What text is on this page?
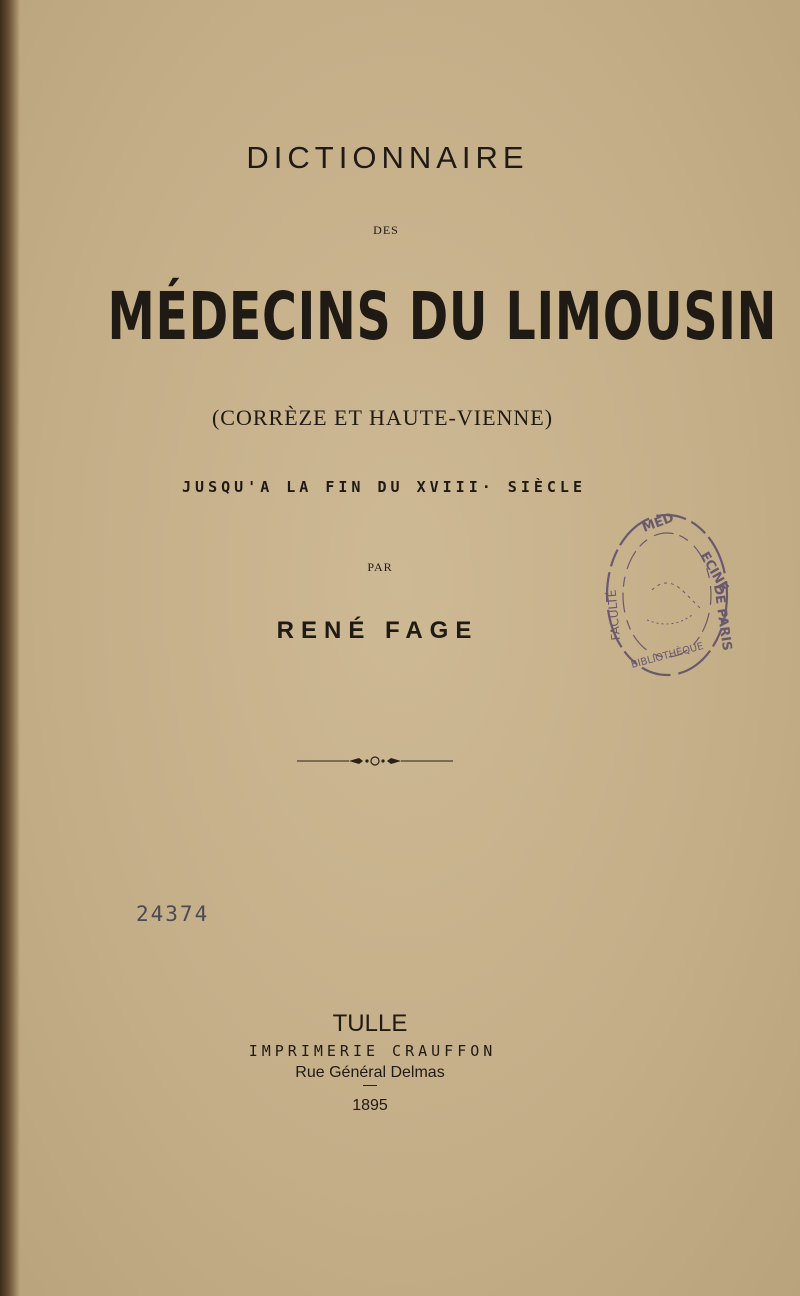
DICTIONNAIRE
DES
MÉDECINS DU LIMOUSIN
(CORRÈZE ET HAUTE-VIENNE)
JUSQU'A LA FIN DU XVIII· SIÈCLE
PAR
RENÉ FAGE
24374
TULLE
IMPRIMERIE CRAUFFON
Rue Général Delmas
1895
MÉD
ECINE
DE PARIS
FACULTÉ
BIBLIOTHÈQUE
